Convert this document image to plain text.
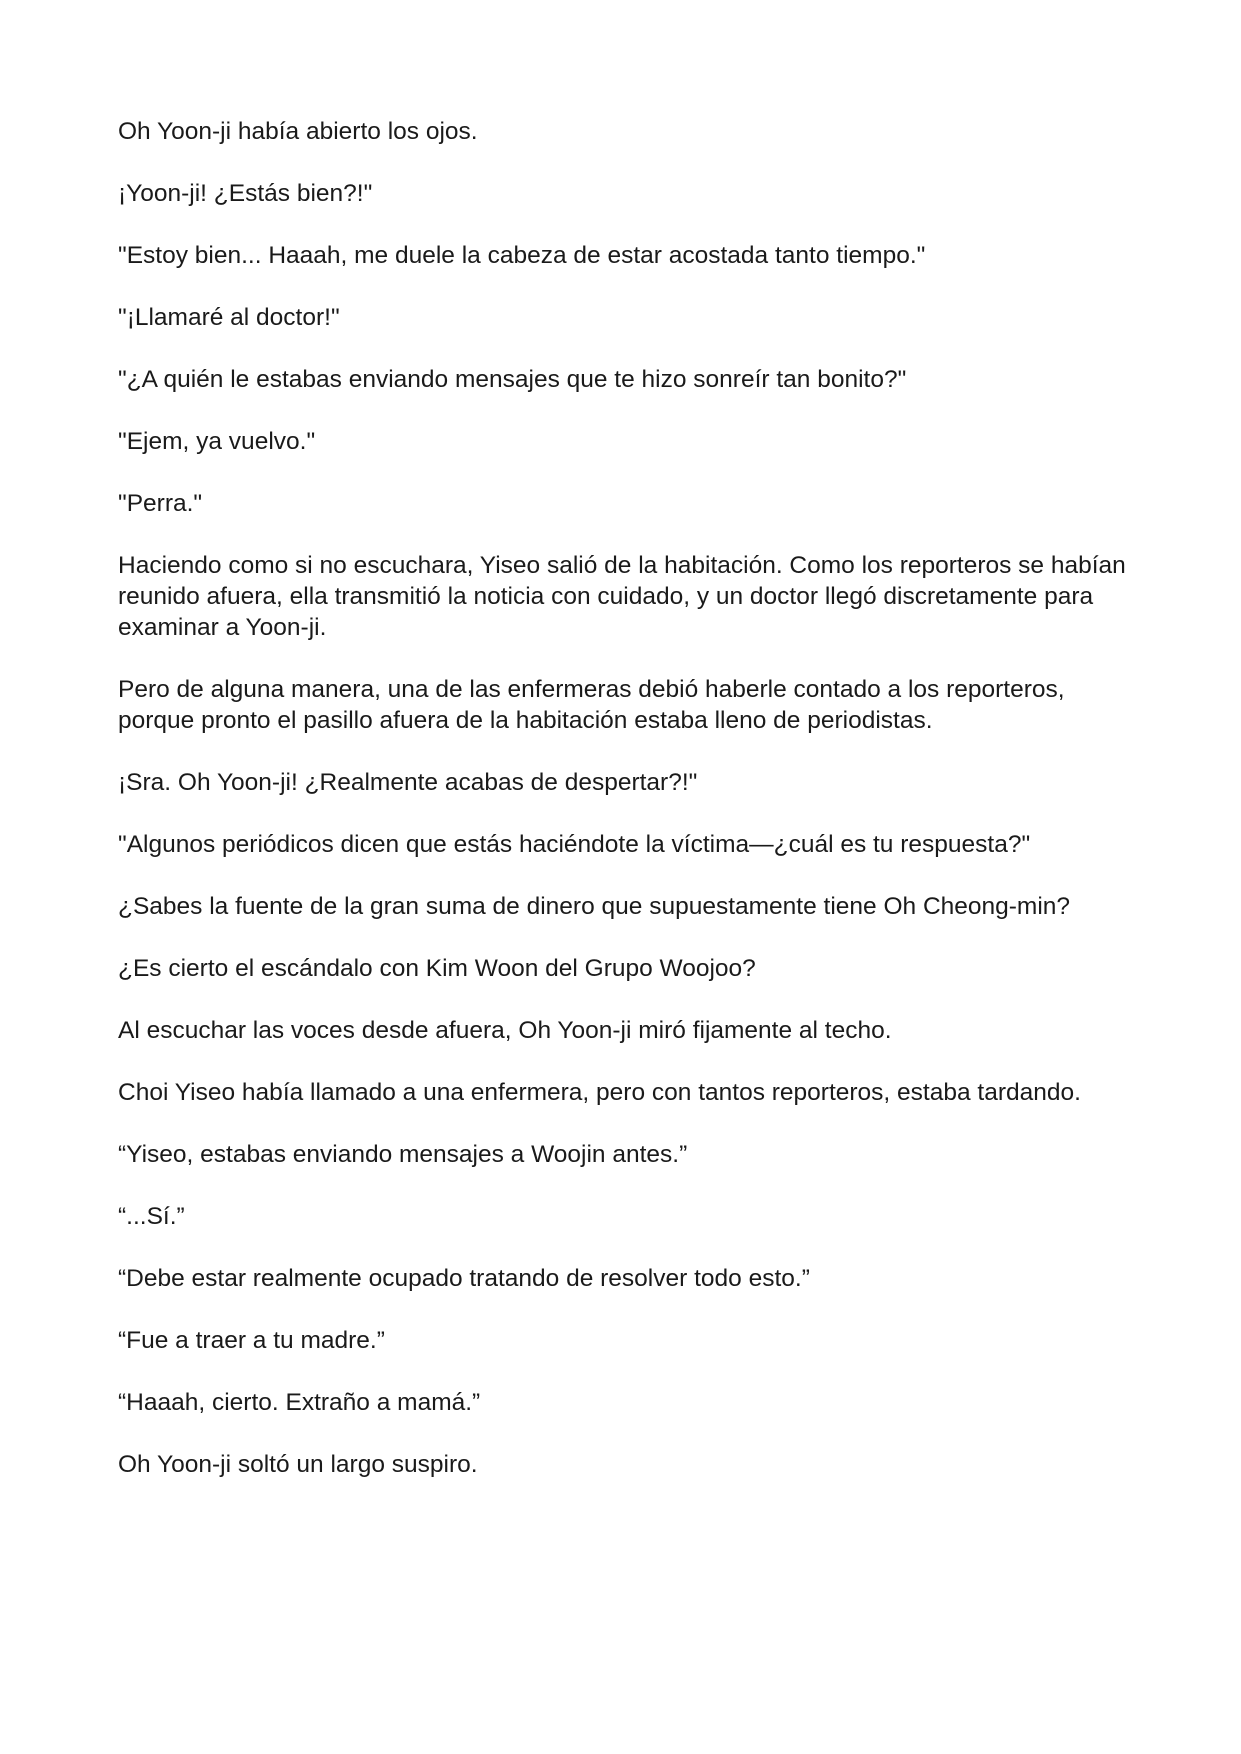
Oh Yoon-ji había abierto los ojos.

¡Yoon-ji! ¿Estás bien?!"

"Estoy bien... Haaah, me duele la cabeza de estar acostada tanto tiempo."

"¡Llamaré al doctor!"

"¿A quién le estabas enviando mensajes que te hizo sonreír tan bonito?"

"Ejem, ya vuelvo."

"Perra."

Haciendo como si no escuchara, Yiseo salió de la habitación. Como los reporteros se habían reunido afuera, ella transmitió la noticia con cuidado, y un doctor llegó discretamente para examinar a Yoon-ji.

Pero de alguna manera, una de las enfermeras debió haberle contado a los reporteros, porque pronto el pasillo afuera de la habitación estaba lleno de periodistas.

¡Sra. Oh Yoon-ji! ¿Realmente acabas de despertar?!"

"Algunos periódicos dicen que estás haciéndote la víctima—¿cuál es tu respuesta?"

¿Sabes la fuente de la gran suma de dinero que supuestamente tiene Oh Cheong-min?

¿Es cierto el escándalo con Kim Woon del Grupo Woojoo?

Al escuchar las voces desde afuera, Oh Yoon-ji miró fijamente al techo.

Choi Yiseo había llamado a una enfermera, pero con tantos reporteros, estaba tardando.

“Yiseo, estabas enviando mensajes a Woojin antes.”

“...Sí.”

“Debe estar realmente ocupado tratando de resolver todo esto.”

“Fue a traer a tu madre.”

“Haaah, cierto. Extraño a mamá.”

Oh Yoon-ji soltó un largo suspiro.
